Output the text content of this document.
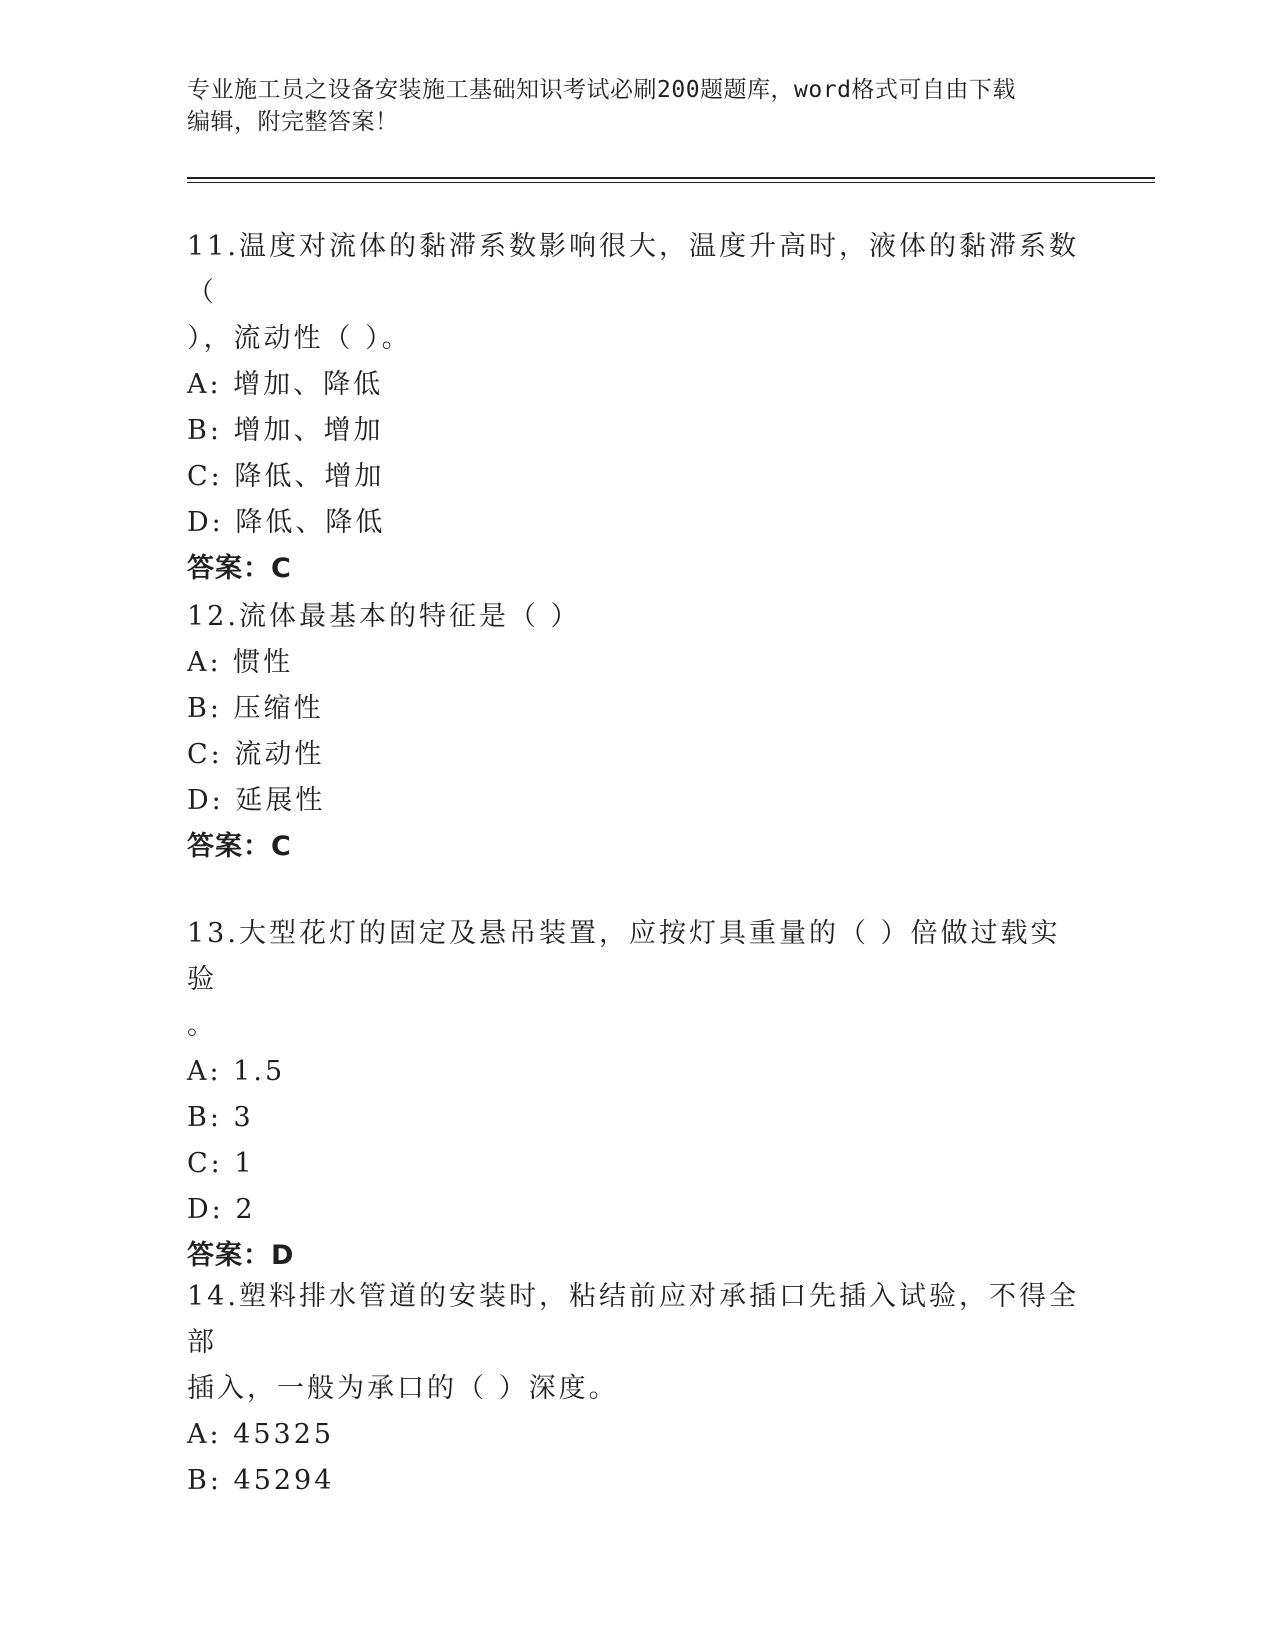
专业施工员之设备安装施工基础知识考试必刷200题题库，word格式可自由下载
编辑，附完整答案！
11.温度对流体的黏滞系数影响很大，温度升高时，液体的黏滞系数（
），流动性（ ）。
A: 增加、降低
B: 增加、增加
C: 降低、增加
D: 降低、降低
答案：C
12.流体最基本的特征是（ ）
A: 惯性
B: 压缩性
C: 流动性
D: 延展性
答案：C
13.大型花灯的固定及悬吊装置，应按灯具重量的（ ）倍做过载实验
。
A: 1.5
B: 3
C: 1
D: 2
答案：D
14.塑料排水管道的安装时，粘结前应对承插口先插入试验，不得全部
插入，一般为承口的（ ）深度。
A: 45325
B: 45294
